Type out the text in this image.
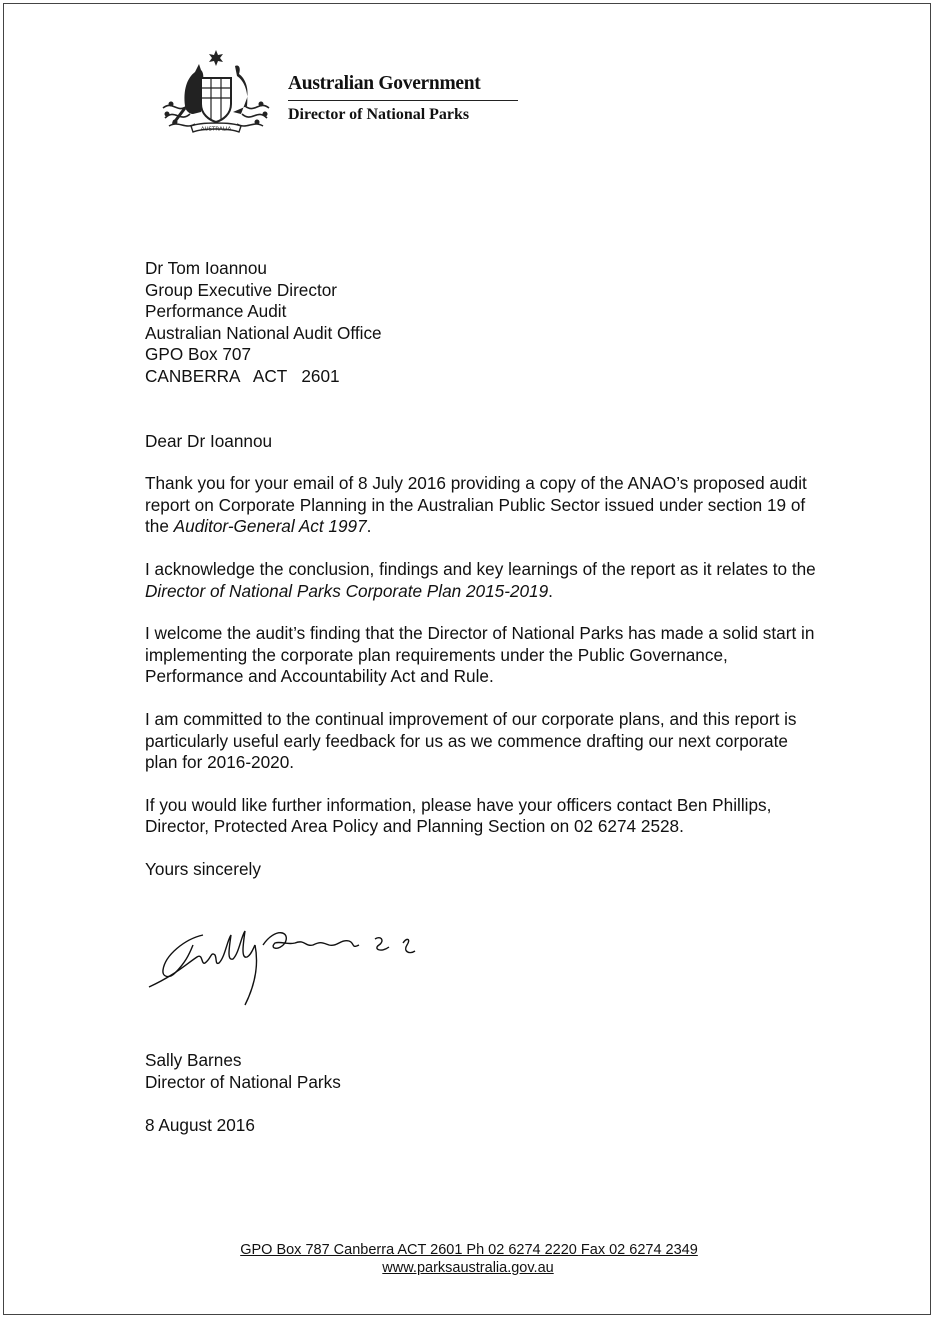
AUSTRALIA
Australian Government
Director of National Parks
Dr Tom Ioannou
Group Executive Director
Performance Audit
Australian National Audit Office
GPO Box 707
CANBERRA   ACT   2601

Dear Dr Ioannou

Thank you for your email of 8 July 2016 providing a copy of the ANAO’s proposed audit report on Corporate Planning in the Australian Public Sector issued under section 19 of the Auditor-General Act 1997.

I acknowledge the conclusion, findings and key learnings of the report as it relates to the Director of National Parks Corporate Plan 2015-2019.

I welcome the audit’s finding that the Director of National Parks has made a solid start in implementing the corporate plan requirements under the Public Governance, Performance and Accountability Act and Rule.

I am committed to the continual improvement of our corporate plans, and this report is particularly useful early feedback for us as we commence drafting our next corporate plan for 2016-2020.

If you would like further information, please have your officers contact Ben Phillips, Director, Protected Area Policy and Planning Section on 02 6274 2528.

Yours sincerely

Sally Barnes
Director of National Parks
8 August 2016
GPO Box 787 Canberra ACT 2601 Ph 02 6274 2220 Fax 02 6274 2349
www.parksaustralia.gov.au
